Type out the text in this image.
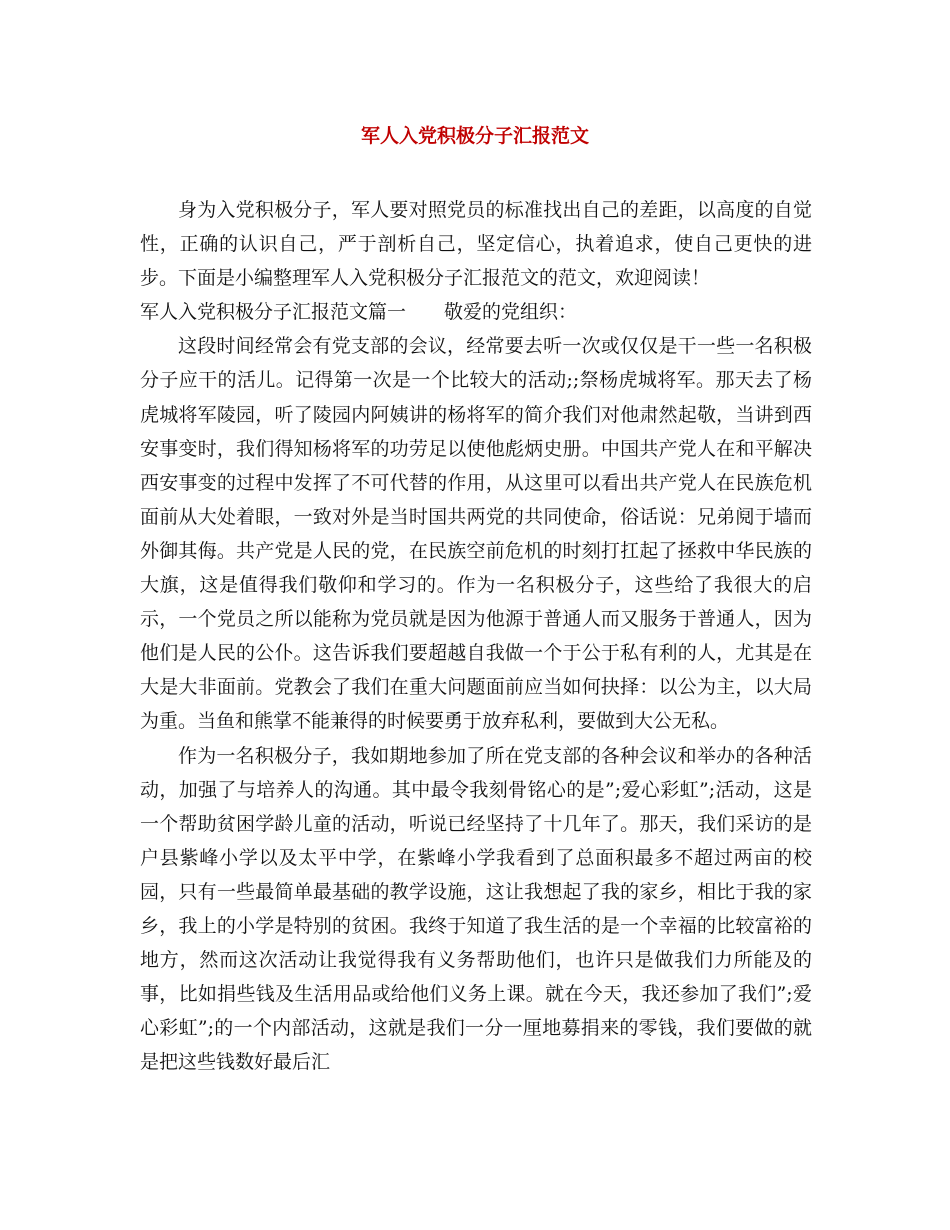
军人入党积极分子汇报范文

身为入党积极分子，军人要对照党员的标准找出自己的差距，以高度的自觉性，正确的认识自己，严于剖析自己，坚定信心，执着追求，使自己更快的进步。下面是小编整理军人入党积极分子汇报范文的范文，欢迎阅读！

军人入党积极分子汇报范文篇一 敬爱的党组织：

这段时间经常会有党支部的会议，经常要去听一次或仅仅是干一些一名积极分子应干的活儿。记得第一次是一个比较大的活动;;祭杨虎城将军。那天去了杨虎城将军陵园，听了陵园内阿姨讲的杨将军的简介我们对他肃然起敬，当讲到西安事变时，我们得知杨将军的功劳足以使他彪炳史册。中国共产党人在和平解决西安事变的过程中发挥了不可代替的作用，从这里可以看出共产党人在民族危机面前从大处着眼，一致对外是当时国共两党的共同使命，俗话说：兄弟阋于墙而外御其侮。共产党是人民的党，在民族空前危机的时刻打扛起了拯救中华民族的大旗，这是值得我们敬仰和学习的。作为一名积极分子，这些给了我很大的启示，一个党员之所以能称为党员就是因为他源于普通人而又服务于普通人，因为他们是人民的公仆。这告诉我们要超越自我做一个于公于私有利的人，尤其是在大是大非面前。党教会了我们在重大问题面前应当如何抉择：以公为主，以大局为重。当鱼和熊掌不能兼得的时候要勇于放弃私利，要做到大公无私。

作为一名积极分子，我如期地参加了所在党支部的各种会议和举办的各种活动，加强了与培养人的沟通。其中最令我刻骨铭心的是”;爱心彩虹”;活动，这是一个帮助贫困学龄儿童的活动，听说已经坚持了十几年了。那天，我们采访的是户县紫峰小学以及太平中学，在紫峰小学我看到了总面积最多不超过两亩的校园，只有一些最简单最基础的教学设施，这让我想起了我的家乡，相比于我的家乡，我上的小学是特别的贫困。我终于知道了我生活的是一个幸福的比较富裕的地方，然而这次活动让我觉得我有义务帮助他们，也许只是做我们力所能及的事，比如捐些钱及生活用品或给他们义务上课。就在今天，我还参加了我们”;爱心彩虹”;的一个内部活动，这就是我们一分一厘地募捐来的零钱，我们要做的就是把这些钱数好最后汇
